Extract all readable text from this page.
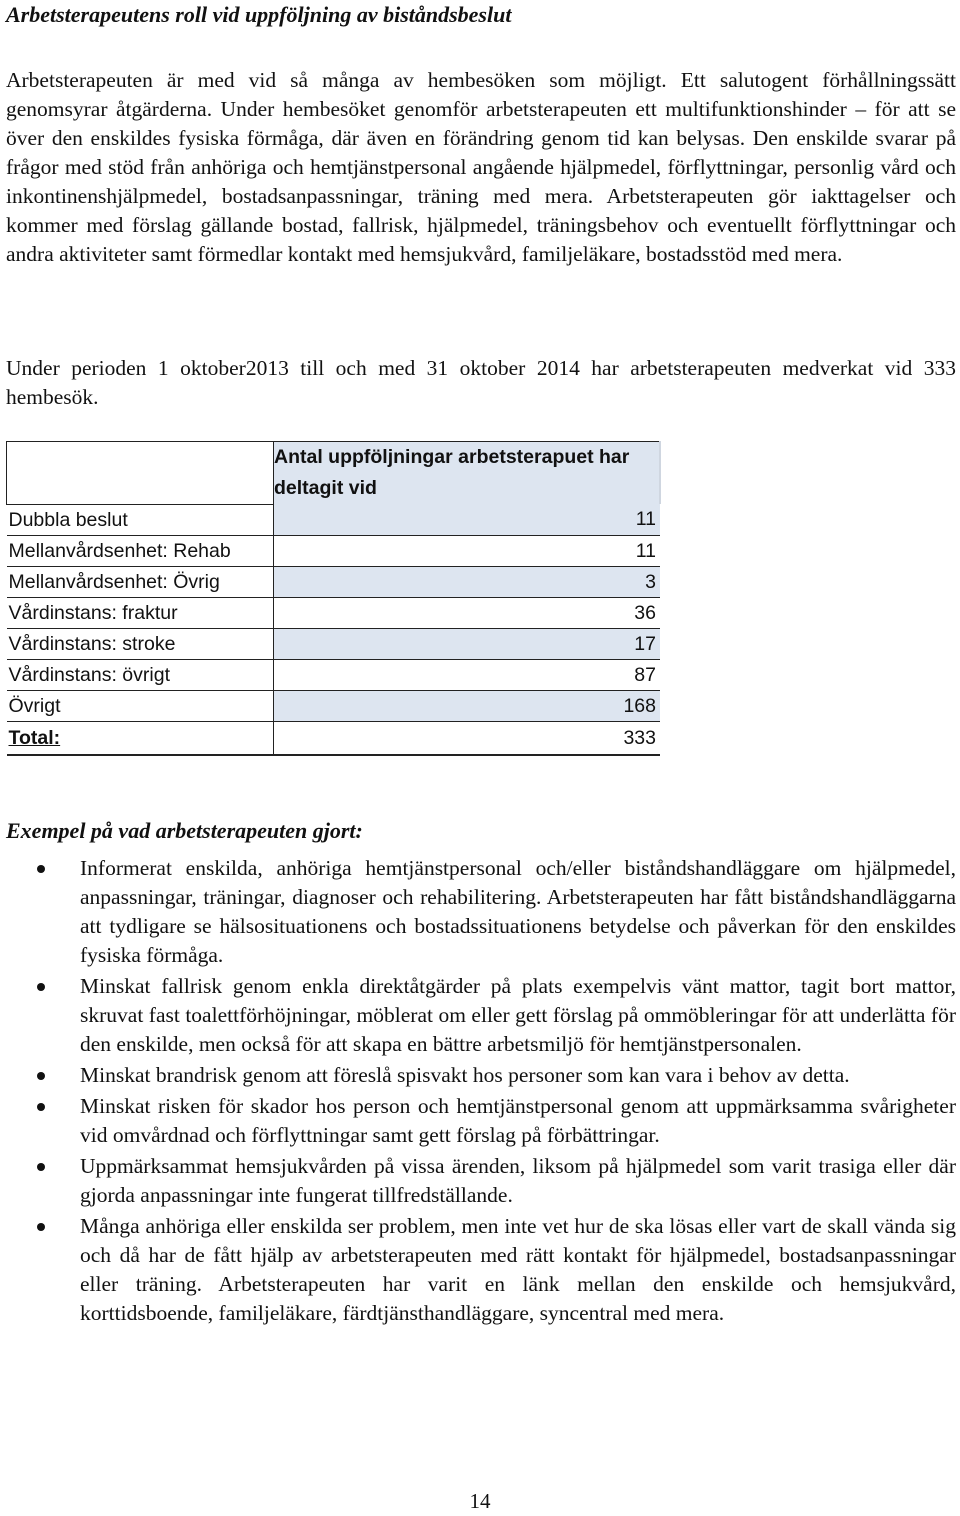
Arbetsterapeutens roll vid uppföljning av biståndsbeslut

Arbetsterapeuten är med vid så många av hembesöken som möjligt. Ett salutogent förhållningssätt genomsyrar åtgärderna. Under hembesöket genomför arbetsterapeuten ett multifunktionshinder – för att se över den enskildes fysiska förmåga, där även en förändring genom tid kan belysas. Den enskilde svarar på frågor med stöd från anhöriga och hemtjänstpersonal angående hjälpmedel, förflyttningar, personlig vård och inkontinenshjälpmedel, bostadsanpassningar, träning med mera. Arbetsterapeuten gör iakttagelser och kommer med förslag gällande bostad, fallrisk, hjälpmedel, träningsbehov och eventuellt förflyttningar och andra aktiviteter samt förmedlar kontakt med hemsjukvård, familjeläkare, bostadsstöd med mera.

Under perioden 1 oktober2013 till och med 31 oktober 2014 har arbetsterapeuten medverkat vid 333 hembesök.

	Antal uppföljningar arbetsterapuet har deltagit vid
Dubbla beslut	11
Mellanvårdsenhet: Rehab	11
Mellanvårdsenhet: Övrig	3
Vårdinstans: fraktur	36
Vårdinstans: stroke	17
Vårdinstans: övrigt	87
Övrigt	168
Total:	333
Exempel på vad arbetsterapeuten gjort:
Informerat enskilda, anhöriga hemtjänstpersonal och/eller biståndshandläggare om hjälpmedel, anpassningar, träningar, diagnoser och rehabilitering. Arbetsterapeuten har fått biståndshandläggarna att tydligare se hälsosituationens och bostadssituationens betydelse och påverkan för den enskildes fysiska förmåga.
Minskat fallrisk genom enkla direktåtgärder på plats exempelvis vänt mattor, tagit bort mattor, skruvat fast toalettförhöjningar, möblerat om eller gett förslag på ommöbleringar för att underlätta för den enskilde, men också för att skapa en bättre arbetsmiljö för hemtjänstpersonalen.
Minskat brandrisk genom att föreslå spisvakt hos personer som kan vara i behov av detta.
Minskat risken för skador hos person och hemtjänstpersonal genom att uppmärksamma svårigheter vid omvårdnad och förflyttningar samt gett förslag på förbättringar.
Uppmärksammat hemsjukvården på vissa ärenden, liksom på hjälpmedel som varit trasiga eller där gjorda anpassningar inte fungerat tillfredställande.
Många anhöriga eller enskilda ser problem, men inte vet hur de ska lösas eller vart de skall vända sig och då har de fått hjälp av arbetsterapeuten med rätt kontakt för hjälpmedel, bostadsanpassningar eller träning. Arbetsterapeuten har varit en länk mellan den enskilde och hemsjukvård, korttidsboende, familjeläkare, färdtjänsthandläggare, syncentral med mera.
14
